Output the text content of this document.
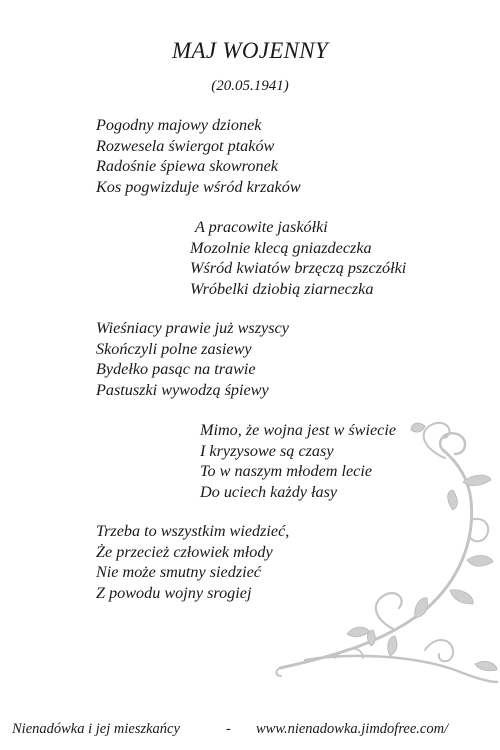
MAJ WOJENNY
(20.05.1941)
Pogodny majowy dzionek
Rozwesela świergot ptaków
Radośnie śpiewa skowronek
Kos pogwizduje wśród krzaków
A pracowite jaskółki
Mozolnie klecą gniazdeczka
Wśród kwiatów brzęczą pszczółki
Wróbelki dziobią ziarneczka
Wieśniacy prawie już wszyscy
Skończyli polne zasiewy
Bydełko pasąc na trawie
Pastuszki wywodzą śpiewy
Mimo, że wojna jest w świecie
I kryzysowe są czasy
To w naszym młodem lecie
Do uciech każdy łasy
Trzeba to wszystkim wiedzieć,
Że przecież człowiek młody
Nie może smutny siedzieć
Z powodu wojny srogiej
Nienadówka i jej mieszkańcy	- www.nienadowka.jimdofree.com/
